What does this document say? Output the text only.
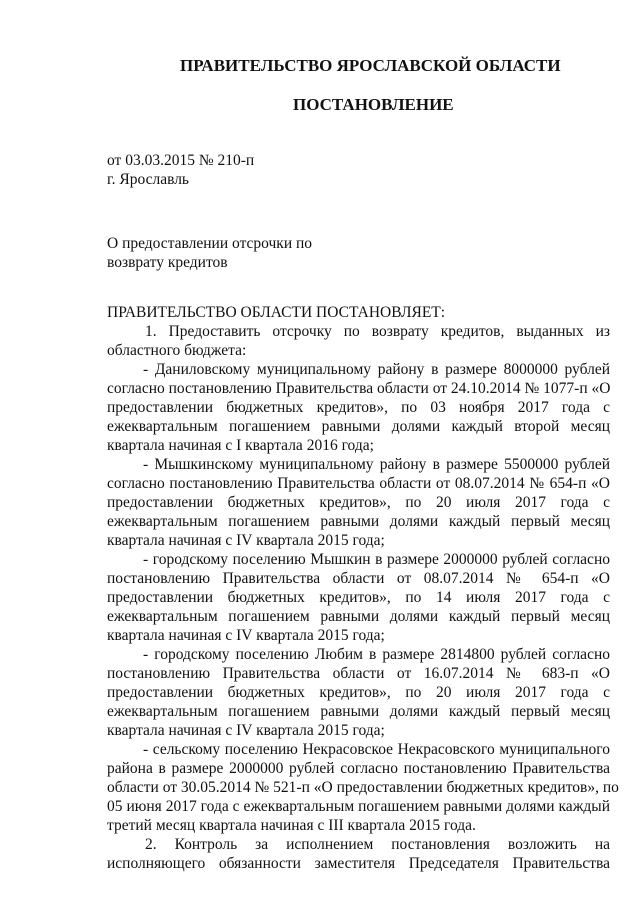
ПРАВИТЕЛЬСТВО ЯРОСЛАВСКОЙ ОБЛАСТИ
ПОСТАНОВЛЕНИЕ
от 03.03.2015 № 210-п
г. Ярославль
О предоставлении отсрочки по
возврату кредитов
ПРАВИТЕЛЬСТВО ОБЛАСТИ ПОСТАНОВЛЯЕТ:
1. Предоставить отсрочку по возврату кредитов, выданных из
областного бюджета:
- Даниловскому муниципальному району в размере 8000000 рублей
согласно постановлению Правительства области от 24.10.2014 № 1077-п «О
предоставлении бюджетных кредитов», по 03 ноября 2017 года с
ежеквартальным погашением равными долями каждый второй месяц
квартала начиная с I квартала 2016 года;
- Мышкинскому муниципальному району в размере 5500000 рублей
согласно постановлению Правительства области от 08.07.2014 № 654-п «О
предоставлении бюджетных кредитов», по 20 июля 2017 года с
ежеквартальным погашением равными долями каждый первый месяц
квартала начиная с IV квартала 2015 года;
- городскому поселению Мышкин в размере 2000000 рублей согласно
постановлению Правительства области от 08.07.2014 № 654-п «О
предоставлении бюджетных кредитов», по 14 июля 2017 года с
ежеквартальным погашением равными долями каждый первый месяц
квартала начиная с IV квартала 2015 года;
- городскому поселению Любим в размере 2814800 рублей согласно
постановлению Правительства области от 16.07.2014 № 683-п «О
предоставлении бюджетных кредитов», по 20 июля 2017 года с
ежеквартальным погашением равными долями каждый первый месяц
квартала начиная с IV квартала 2015 года;
- сельскому поселению Некрасовское Некрасовского муниципального
района в размере 2000000 рублей согласно постановлению Правительства
области от 30.05.2014 № 521-п «О предоставлении бюджетных кредитов», по
05 июня 2017 года с ежеквартальным погашением равными долями каждый
третий месяц квартала начиная с III квартала 2015 года.
2. Контроль за исполнением постановления возложить на
исполняющего обязанности заместителя Председателя Правительства
